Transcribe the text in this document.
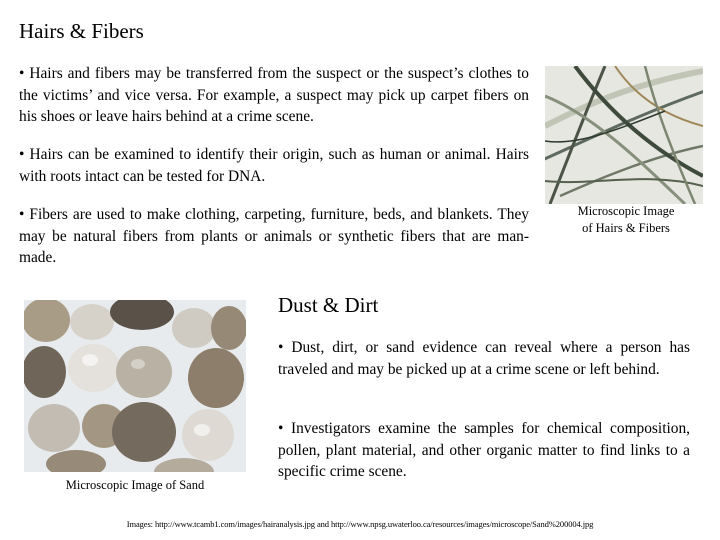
Hairs & Fibers

• Hairs and fibers may be transferred from the suspect or the suspect’s clothes to the victims’ and vice versa. For example, a suspect may pick up carpet fibers on his shoes or leave hairs behind at a crime scene.

• Hairs can be examined to identify their origin, such as human or animal. Hairs with roots intact can be tested for DNA.

• Fibers are used to make clothing, carpeting, furniture, beds, and blankets. They may be natural fibers from plants or animals or synthetic fibers that are man-made.

Microscopic Image
of Hairs & Fibers
Dust & Dirt
Microscopic Image of Sand

• Dust, dirt, or sand evidence can reveal where a person has traveled and may be picked up at a crime scene or left behind.

• Investigators examine the samples for chemical composition, pollen, plant material, and other organic matter to find links to a specific crime scene.

Images: http://www.tcamb1.com/images/hairanalysis.jpg and http://www.npsg.uwaterloo.ca/resources/images/microscope/Sand%200004.jpg
